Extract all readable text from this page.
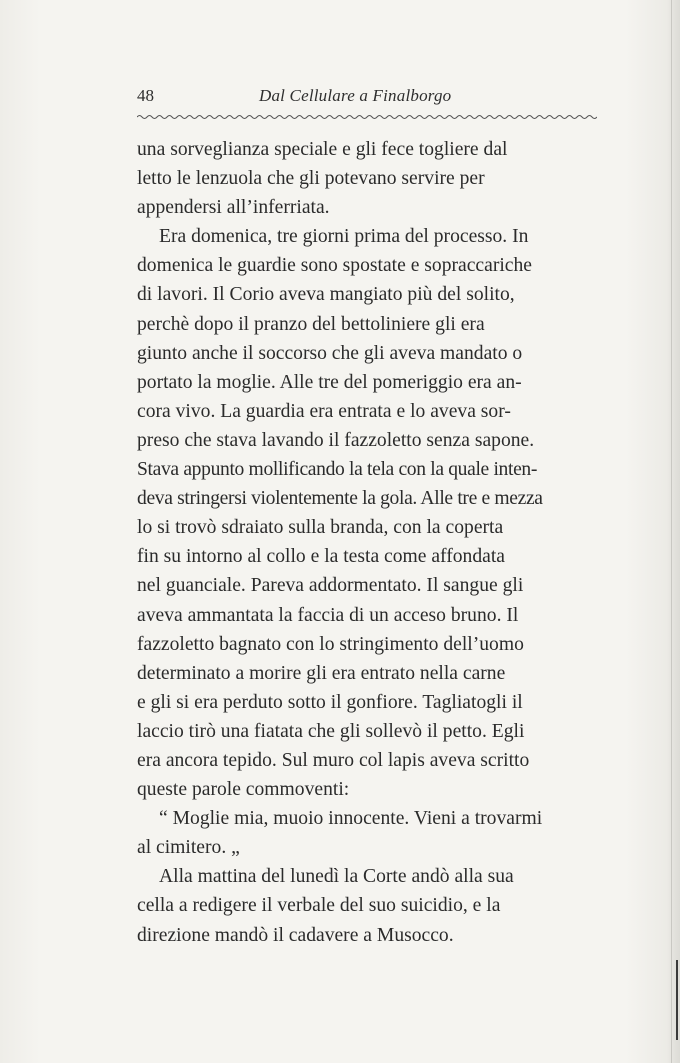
48	Dal Cellulare a Finalborgo

una sorveglianza speciale e gli fece togliere dal

letto le lenzuola che gli potevano servire per

appendersi all’inferriata.

Era domenica, tre giorni prima del processo. In

domenica le guardie sono spostate e sopraccariche

di lavori. Il Corio aveva mangiato più del solito,

perchè dopo il pranzo del bettoliniere gli era

giunto anche il soccorso che gli aveva mandato o

portato la moglie. Alle tre del pomeriggio era an-

cora vivo. La guardia era entrata e lo aveva sor-

preso che stava lavando il fazzoletto senza sapone.

Stava appunto mollificando la tela con la quale inten-

deva stringersi violentemente la gola. Alle tre e mezza

lo si trovò sdraiato sulla branda, con la coperta

fin su intorno al collo e la testa come affondata

nel guanciale. Pareva addormentato. Il sangue gli

aveva ammantata la faccia di un acceso bruno. Il

fazzoletto bagnato con lo stringimento dell’uomo

determinato a morire gli era entrato nella carne

e gli si era perduto sotto il gonfiore. Tagliatogli il

laccio tirò una fiatata che gli sollevò il petto. Egli

era ancora tepido. Sul muro col lapis aveva scritto

queste parole commoventi:

“ Moglie mia, muoio innocente. Vieni a trovarmi

al cimitero. „

Alla mattina del lunedì la Corte andò alla sua

cella a redigere il verbale del suo suicidio, e la

direzione mandò il cadavere a Musocco.
